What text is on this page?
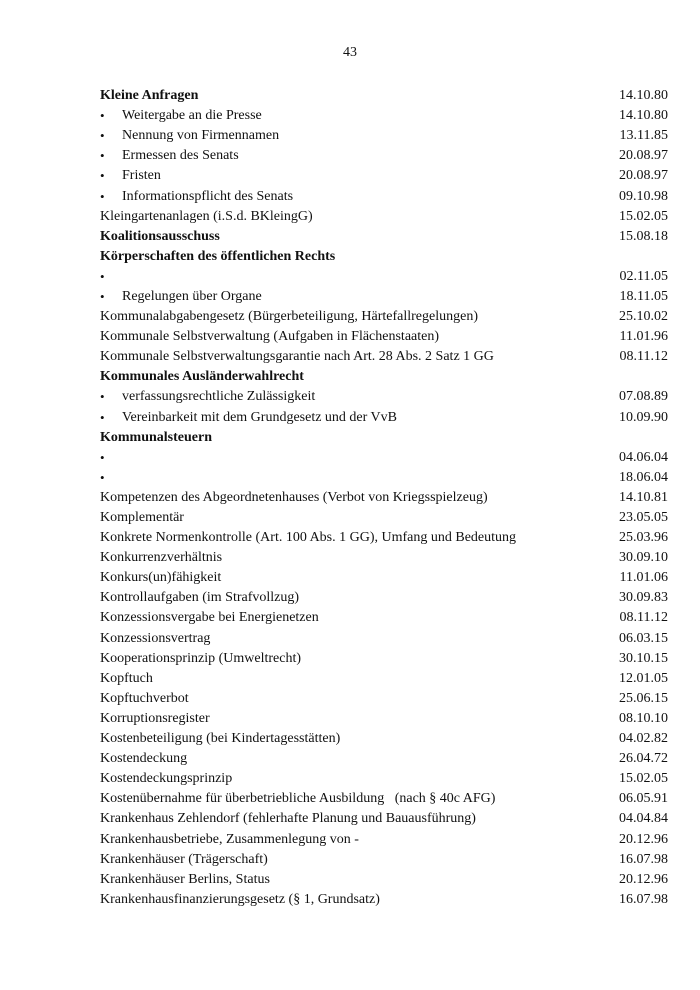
43
Kleine Anfragen	14.10.80
•	Weitergabe an die Presse	14.10.80
•	Nennung von Firmennamen	13.11.85
•	Ermessen des Senats	20.08.97
•	Fristen	20.08.97
•	Informationspflicht des Senats	09.10.98
Kleingartenanlagen (i.S.d. BKleingG)	15.02.05
Koalitionsausschuss	15.08.18
Körperschaften des öffentlichen Rechts
•	02.11.05
•	Regelungen über Organe	18.11.05
Kommunalabgabengesetz (Bürgerbeteiligung, Härtefallregelungen)	25.10.02
Kommunale Selbstverwaltung (Aufgaben in Flächenstaaten)	11.01.96
Kommunale Selbstverwaltungsgarantie nach Art. 28 Abs. 2 Satz 1 GG	08.11.12
Kommunales Ausländerwahlrecht
•	verfassungsrechtliche Zulässigkeit	07.08.89
•	Vereinbarkeit mit dem Grundgesetz und der VvB	10.09.90
Kommunalsteuern
•	04.06.04
•	18.06.04
Kompetenzen des Abgeordnetenhauses (Verbot von Kriegsspielzeug)	14.10.81
Komplementär	23.05.05
Konkrete Normenkontrolle (Art. 100 Abs. 1 GG), Umfang und Bedeutung	25.03.96
Konkurrenzverhältnis	30.09.10
Konkurs(un)fähigkeit	11.01.06
Kontrollaufgaben (im Strafvollzug)	30.09.83
Konzessionsvergabe bei Energienetzen	08.11.12
Konzessionsvertrag	06.03.15
Kooperationsprinzip (Umweltrecht)	30.10.15
Kopftuch	12.01.05
Kopftuchverbot	25.06.15
Korruptionsregister	08.10.10
Kostenbeteiligung (bei Kindertagesstätten)	04.02.82
Kostendeckung	26.04.72
Kostendeckungsprinzip	15.02.05
Kostenübernahme für überbetriebliche Ausbildung   (nach § 40c AFG)	06.05.91
Krankenhaus Zehlendorf (fehlerhafte Planung und Bauausführung)	04.04.84
Krankenhausbetriebe, Zusammenlegung von -	20.12.96
Krankenhäuser (Trägerschaft)	16.07.98
Krankenhäuser Berlins, Status	20.12.96
Krankenhausfinanzierungsgesetz (§ 1, Grundsatz)	16.07.98
